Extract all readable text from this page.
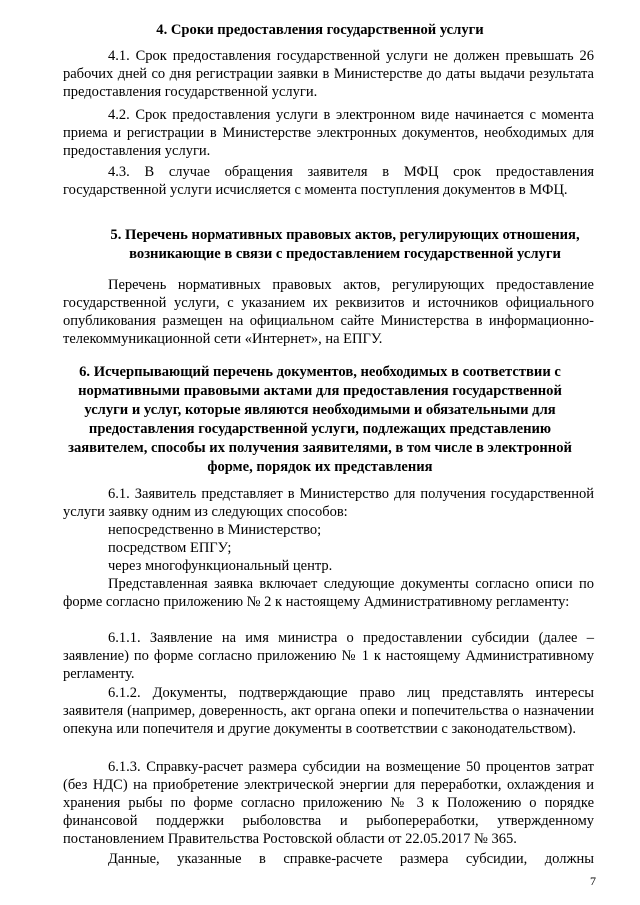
4. Сроки предоставления государственной услуги
4.1. Срок предоставления государственной услуги не должен превышать 26 рабочих дней со дня регистрации заявки в Министерстве до даты выдачи результата предоставления государственной услуги.
4.2. Срок предоставления услуги в электронном виде начинается с момента приема и регистрации в Министерстве электронных документов, необходимых для предоставления услуги.
4.3. В случае обращения заявителя в МФЦ срок предоставления государственной услуги исчисляется с момента поступления документов в МФЦ.
5. Перечень нормативных правовых актов, регулирующих отношения, возникающие в связи с предоставлением государственной услуги
Перечень нормативных правовых актов, регулирующих предоставление государственной услуги, с указанием их реквизитов и источников официального опубликования размещен на официальном сайте Министерства в информационно-телекоммуникационной сети «Интернет», на ЕПГУ.
6. Исчерпывающий перечень документов, необходимых в соответствии с нормативными правовыми актами для предоставления государственной услуги и услуг, которые являются необходимыми и обязательными для предоставления государственной услуги, подлежащих представлению заявителем, способы их получения заявителями, в том числе в электронной форме, порядок их представления
6.1. Заявитель представляет в Министерство для получения государственной услуги заявку одним из следующих способов:
непосредственно в Министерство;
посредством ЕПГУ;
через многофункциональный центр.
Представленная заявка включает следующие документы согласно описи по форме согласно приложению № 2 к настоящему Административному регламенту:
6.1.1. Заявление на имя министра о предоставлении субсидии (далее – заявление) по форме согласно приложению № 1 к настоящему Административному регламенту.
6.1.2. Документы, подтверждающие право лиц представлять интересы заявителя (например, доверенность, акт органа опеки и попечительства о назначении опекуна или попечителя и другие документы в соответствии с законодательством).
6.1.3. Справку-расчет размера субсидии на возмещение 50 процентов затрат (без НДС) на приобретение электрической энергии для переработки, охлаждения и хранения рыбы по форме согласно приложению № 3 к Положению о порядке финансовой поддержки рыболовства и рыбопереработки, утвержденному постановлением Правительства Ростовской области от 22.05.2017 № 365.
Данные, указанные в справке-расчете размера субсидии, должны
7
